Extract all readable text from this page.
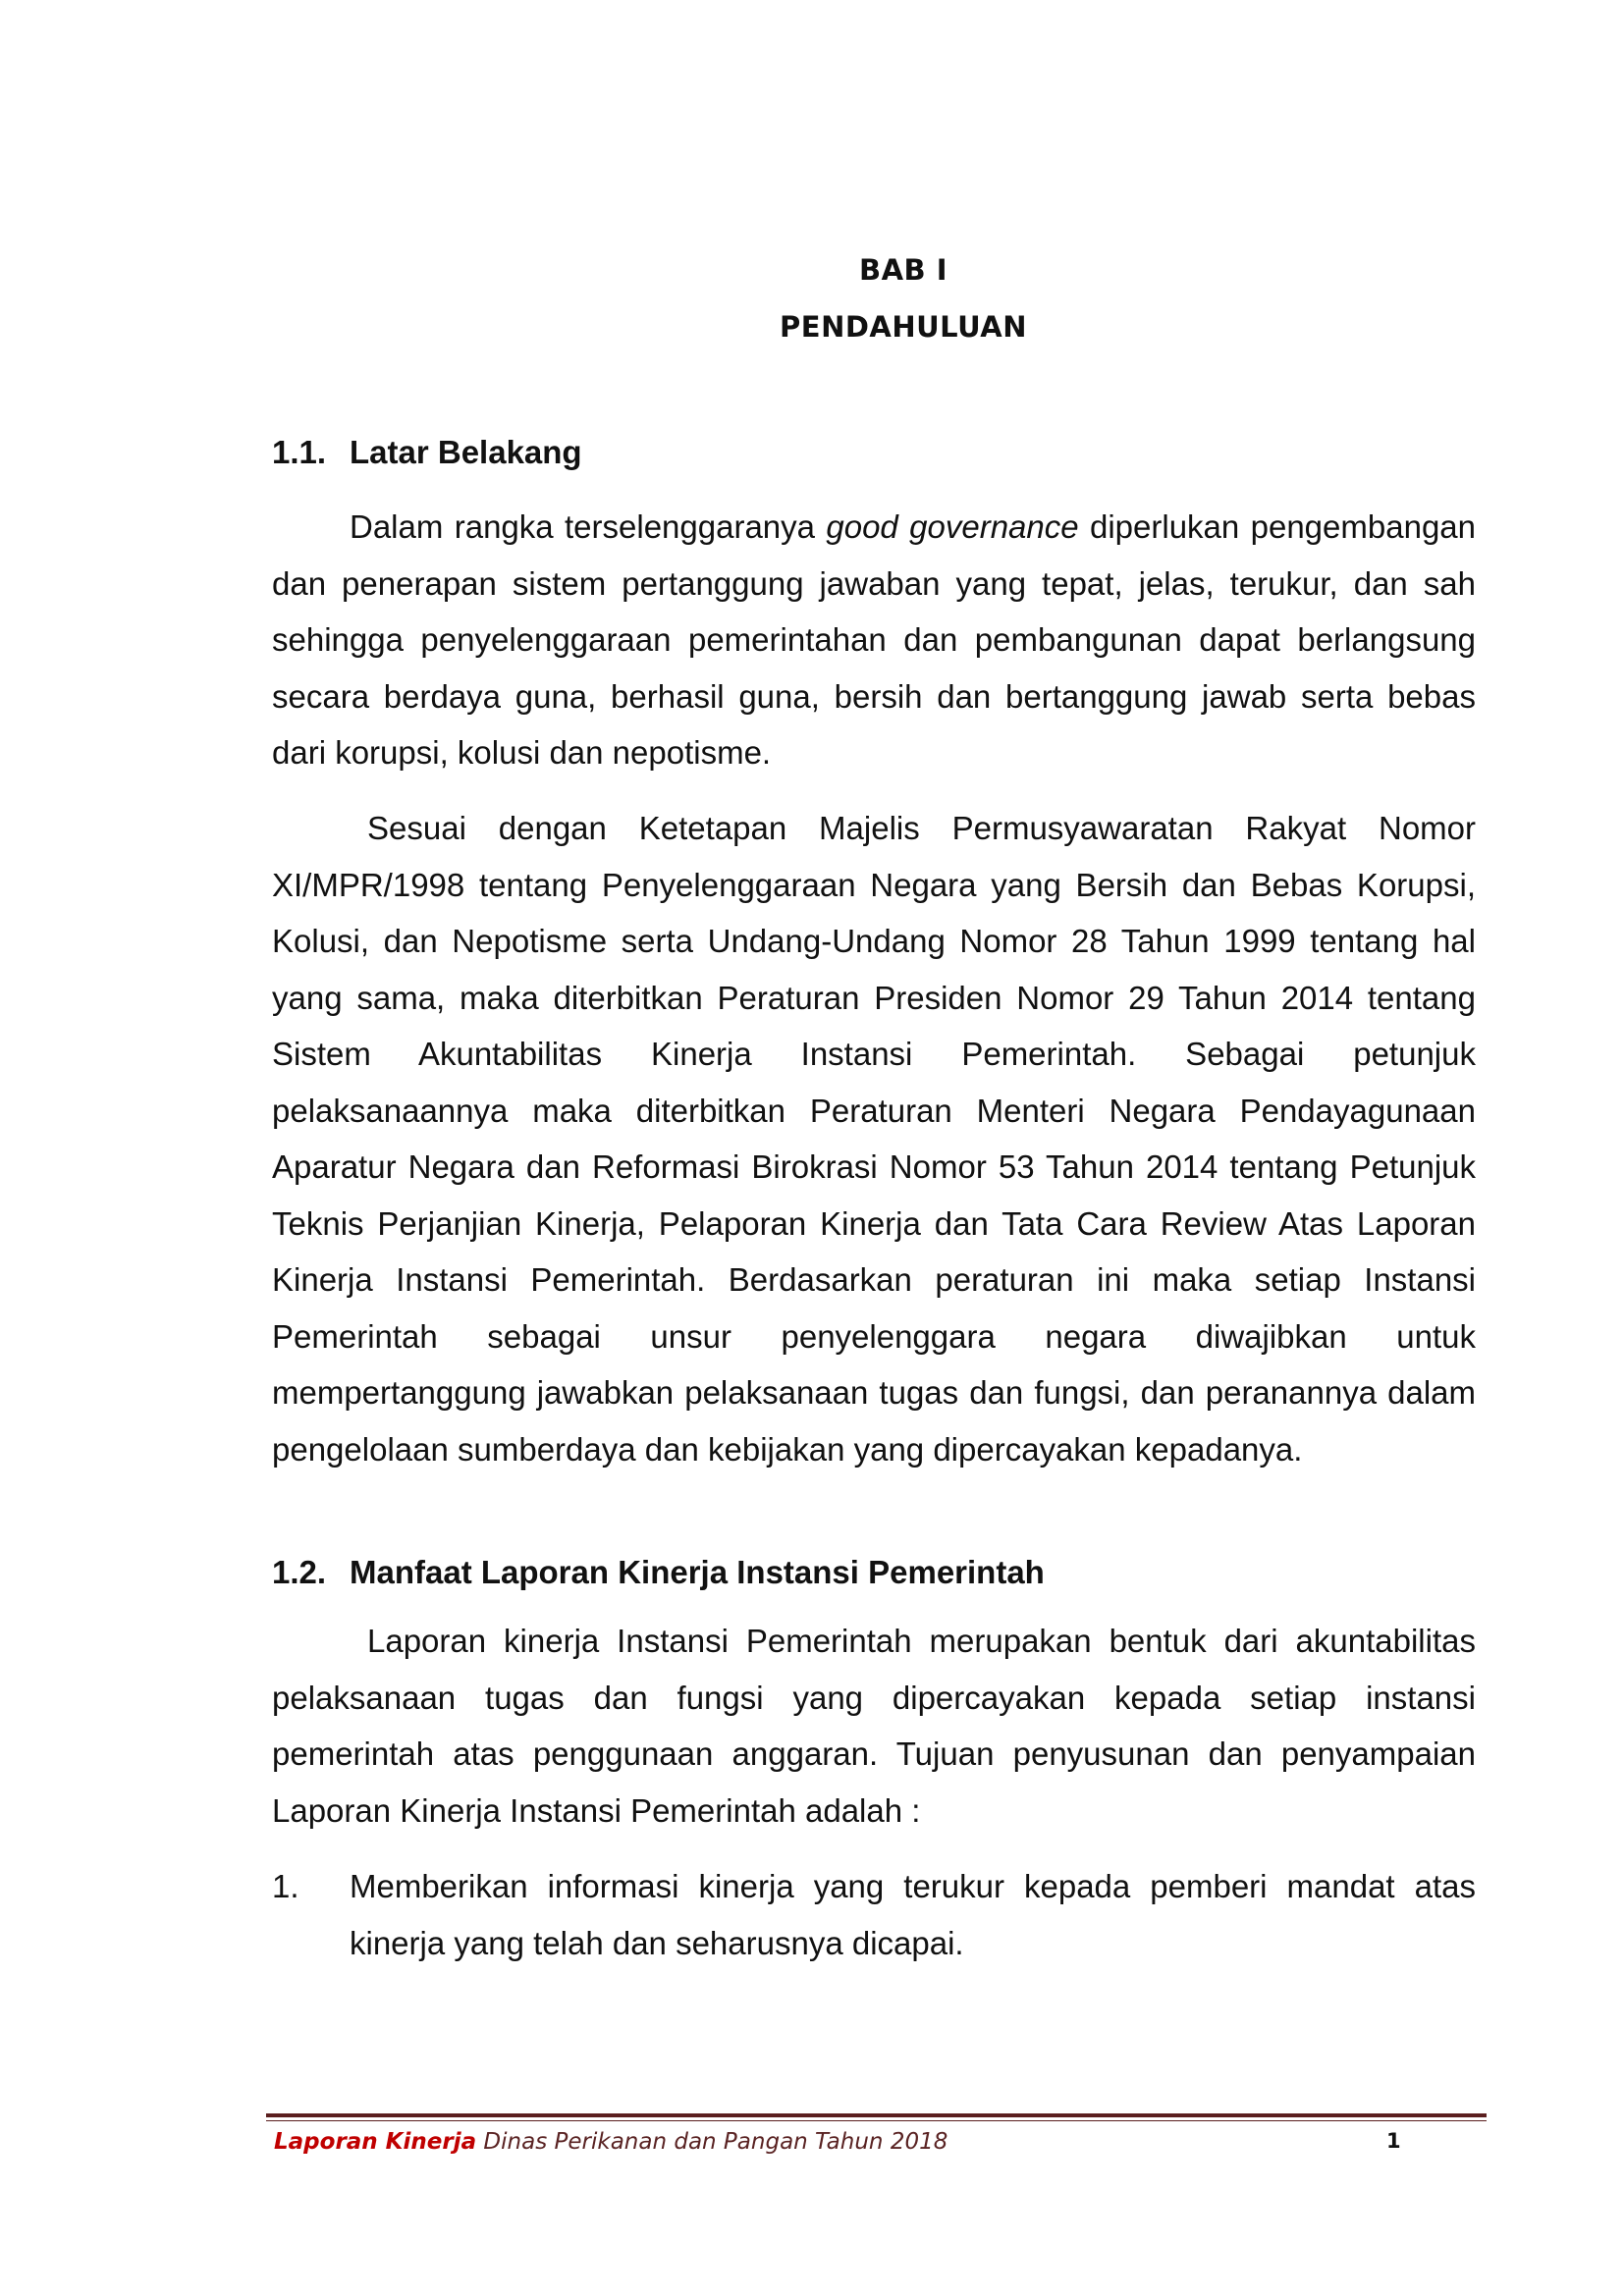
BAB I
PENDAHULUAN
1.1. Latar Belakang

Dalam rangka terselenggaranya good governance diperlukan pengembangan dan penerapan sistem pertanggung jawaban yang tepat, jelas, terukur, dan sah sehingga penyelenggaraan pemerintahan dan pembangunan dapat berlangsung secara berdaya guna, berhasil guna, bersih dan bertanggung jawab serta bebas dari korupsi, kolusi dan nepotisme.

Sesuai dengan Ketetapan Majelis Permusyawaratan Rakyat Nomor XI/MPR/1998 tentang Penyelenggaraan Negara yang Bersih dan Bebas Korupsi, Kolusi, dan Nepotisme serta Undang-Undang Nomor 28 Tahun 1999 tentang hal yang sama, maka diterbitkan Peraturan Presiden Nomor 29 Tahun 2014 tentang Sistem Akuntabilitas Kinerja Instansi Pemerintah. Sebagai petunjuk pelaksanaannya maka diterbitkan Peraturan Menteri Negara Pendayagunaan Aparatur Negara dan Reformasi Birokrasi Nomor 53 Tahun 2014 tentang Petunjuk Teknis Perjanjian Kinerja, Pelaporan Kinerja dan Tata Cara Review Atas Laporan Kinerja Instansi Pemerintah. Berdasarkan peraturan ini maka setiap Instansi Pemerintah sebagai unsur penyelenggara negara diwajibkan untuk mempertanggung jawabkan pelaksanaan tugas dan fungsi, dan peranannya dalam pengelolaan sumberdaya dan kebijakan yang dipercayakan kepadanya.

1.2. Manfaat Laporan Kinerja Instansi Pemerintah

Laporan kinerja Instansi Pemerintah merupakan bentuk dari akuntabilitas pelaksanaan tugas dan fungsi yang dipercayakan kepada setiap instansi pemerintah atas penggunaan anggaran. Tujuan penyusunan dan penyampaian Laporan Kinerja Instansi Pemerintah adalah :

1. Memberikan informasi kinerja yang terukur kepada pemberi mandat atas kinerja yang telah dan seharusnya dicapai.
Laporan Kinerja Dinas Perikanan dan Pangan Tahun 2018	1
